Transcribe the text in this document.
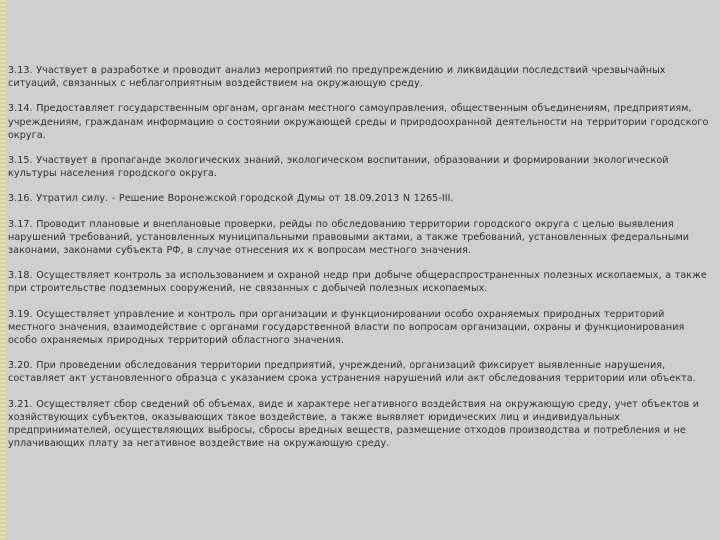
3.13. Участвует в разработке и проводит анализ мероприятий по предупреждению и ликвидации последствий чрезвычайных ситуаций, связанных с неблагоприятным воздействием на окружающую среду.

3.14. Предоставляет государственным органам, органам местного самоуправления, общественным объединениям, предприятиям, учреждениям, гражданам информацию о состоянии окружающей среды и природоохранной деятельности на территории городского округа.

3.15. Участвует в пропаганде экологических знаний, экологическом воспитании, образовании и формировании экологической культуры населения городского округа.

3.16. Утратил силу. - Решение Воронежской городской Думы от 18.09.2013 N 1265-III.

3.17. Проводит плановые и внеплановые проверки, рейды по обследованию территории городского округа с целью выявления нарушений требований, установленных муниципальными правовыми актами, а также требований, установленных федеральными законами, законами субъекта РФ, в случае отнесения их к вопросам местного значения.

3.18. Осуществляет контроль за использованием и охраной недр при добыче общераспространенных полезных ископаемых, а также при строительстве подземных сооружений, не связанных с добычей полезных ископаемых.

3.19. Осуществляет управление и контроль при организации и функционировании особо охраняемых природных территорий местного значения, взаимодействие с органами государственной власти по вопросам организации, охраны и функционирования особо охраняемых природных территорий областного значения.

3.20. При проведении обследования территории предприятий, учреждений, организаций фиксирует выявленные нарушения, составляет акт установленного образца с указанием срока устранения нарушений или акт обследования территории или объекта.

3.21. Осуществляет сбор сведений об объемах, виде и характере негативного воздействия на окружающую среду, учет объектов и хозяйствующих субъектов, оказывающих такое воздействие, а также выявляет юридических лиц и индивидуальных предпринимателей, осуществляющих выбросы, сбросы вредных веществ, размещение отходов производства и потребления и не уплачивающих плату за негативное воздействие на окружающую среду.
